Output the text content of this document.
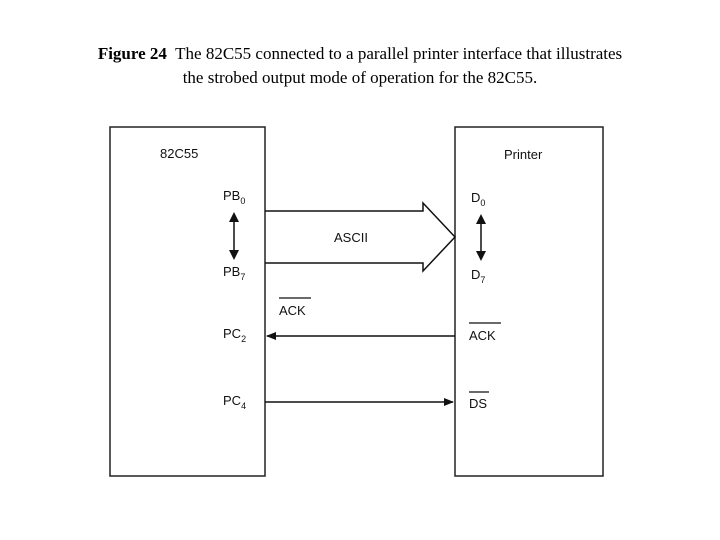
Figure 24 The 82C55 connected to a parallel printer interface that illustrates
the strobed output mode of operation for the 82C55.
82C55	Printer
$PB_0$
$PB_7$
$PC_2$
$PC_4$
$D_0$
$D_7$
ACK
DS
ASCII
ACK
